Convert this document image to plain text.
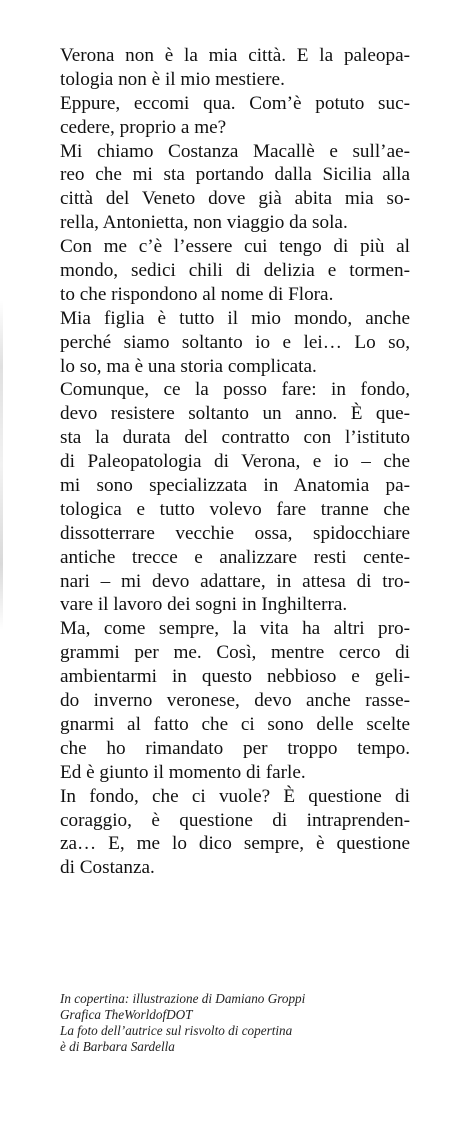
Verona non è la mia città. E la paleopa-
tologia non è il mio mestiere.
Eppure, eccomi qua. Com’è potuto suc-
cedere, proprio a me?
Mi chiamo Costanza Macallè e sull’ae-
reo che mi sta portando dalla Sicilia alla
città del Veneto dove già abita mia so-
rella, Antonietta, non viaggio da sola.
Con me c’è l’essere cui tengo di più al
mondo, sedici chili di delizia e tormen-
to che rispondono al nome di Flora.
Mia figlia è tutto il mio mondo, anche
perché siamo soltanto io e lei… Lo so,
lo so, ma è una storia complicata.
Comunque, ce la posso fare: in fondo,
devo resistere soltanto un anno. È que-
sta la durata del contratto con l’istituto
di Paleopatologia di Verona, e io – che
mi sono specializzata in Anatomia pa-
tologica e tutto volevo fare tranne che
dissotterrare vecchie ossa, spidocchiare
antiche trecce e analizzare resti cente-
nari – mi devo adattare, in attesa di tro-
vare il lavoro dei sogni in Inghilterra.
Ma, come sempre, la vita ha altri pro-
grammi per me. Così, mentre cerco di
ambientarmi in questo nebbioso e geli-
do inverno veronese, devo anche rasse-
gnarmi al fatto che ci sono delle scelte
che ho rimandato per troppo tempo.
Ed è giunto il momento di farle.
In fondo, che ci vuole? È questione di
coraggio, è questione di intraprenden-
za… E, me lo dico sempre, è questione
di Costanza.
In copertina: illustrazione di Damiano Groppi
Grafica TheWorldofDOT
La foto dell’autrice sul risvolto di copertina
è di Barbara Sardella
